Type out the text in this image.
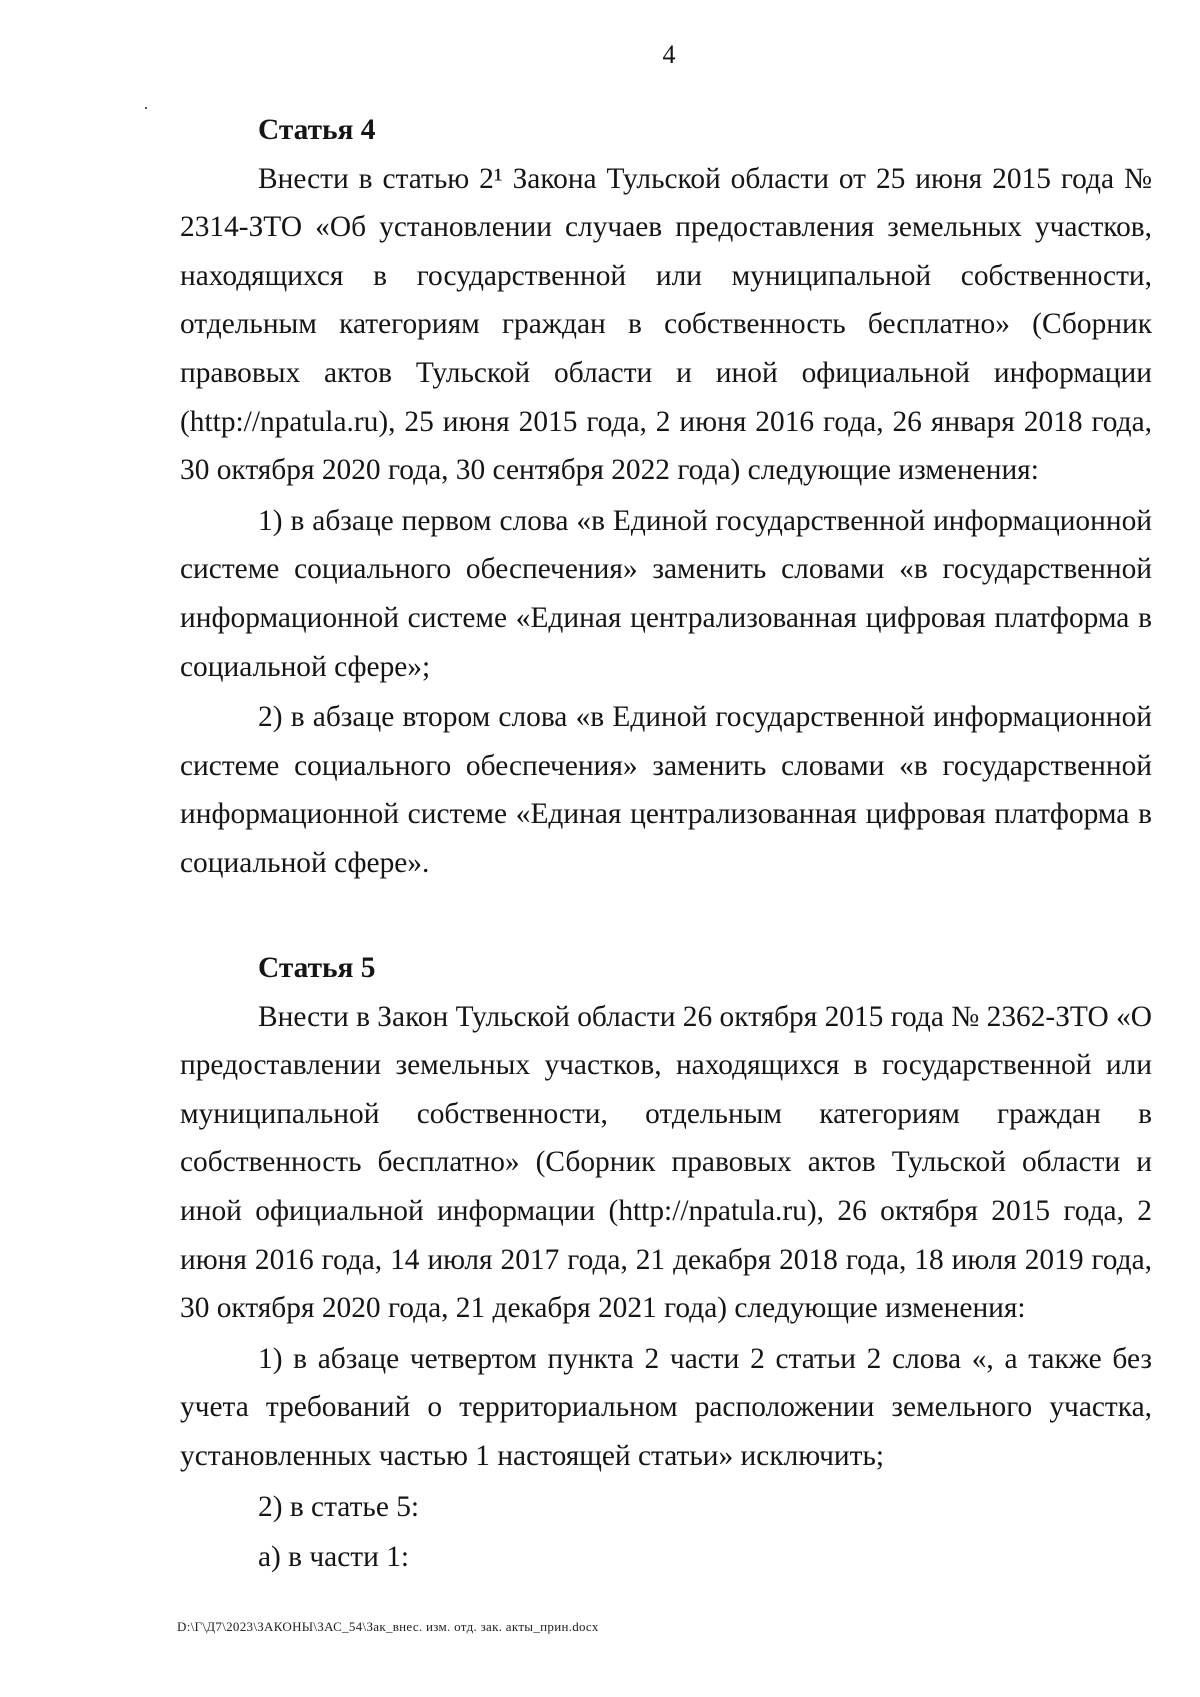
4
Статья 4
Внести в статью 2¹ Закона Тульской области от 25 июня 2015 года № 2314-ЗТО «Об установлении случаев предоставления земельных участков, находящихся в государственной или муниципальной собственности, отдельным категориям граждан в собственность бесплатно» (Сборник правовых актов Тульской области и иной официальной информации (http://npatula.ru), 25 июня 2015 года, 2 июня 2016 года, 26 января 2018 года, 30 октября 2020 года, 30 сентября 2022 года) следующие изменения:
1) в абзаце первом слова «в Единой государственной информационной системе социального обеспечения» заменить словами «в государственной информационной системе «Единая централизованная цифровая платформа в социальной сфере»;
2) в абзаце втором слова «в Единой государственной информационной системе социального обеспечения» заменить словами «в государственной информационной системе «Единая централизованная цифровая платформа в социальной сфере».
Статья 5
Внести в Закон Тульской области 26 октября 2015 года № 2362-ЗТО «О предоставлении земельных участков, находящихся в государственной или муниципальной собственности, отдельным категориям граждан в собственность бесплатно» (Сборник правовых актов Тульской области и иной официальной информации (http://npatula.ru), 26 октября 2015 года, 2 июня 2016 года, 14 июля 2017 года, 21 декабря 2018 года, 18 июля 2019 года, 30 октября 2020 года, 21 декабря 2021 года) следующие изменения:
1) в абзаце четвертом пункта 2 части 2 статьи 2 слова «, а также без учета требований о территориальном расположении земельного участка, установленных частью 1 настоящей статьи» исключить;
2) в статье 5:
а) в части 1:
D:\Г\Д7\2023\ЗАКОНЫ\ЗАС_54\Зак_внес. изм. отд. зак. акты_прин.docx
